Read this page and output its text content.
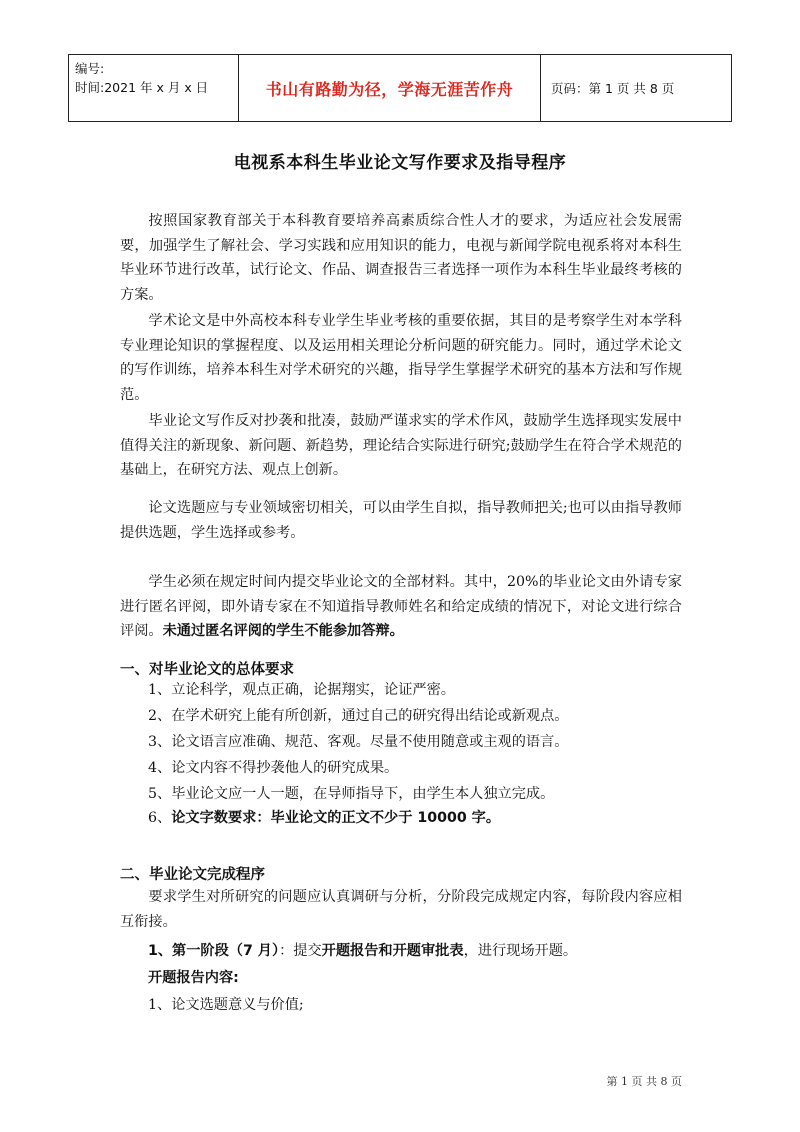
编号:
时间:2021 年 x 月 x 日	书山有路勤为径，学海无涯苦作舟	页码：第 1 页 共 8 页
电视系本科生毕业论文写作要求及指导程序
按照国家教育部关于本科教育要培养高素质综合性人才的要求，为适应社会发展需要，加强学生了解社会、学习实践和应用知识的能力，电视与新闻学院电视系将对本科生毕业环节进行改革，试行论文、作品、调查报告三者选择一项作为本科生毕业最终考核的方案。
学术论文是中外高校本科专业学生毕业考核的重要依据，其目的是考察学生对本学科专业理论知识的掌握程度、以及运用相关理论分析问题的研究能力。同时，通过学术论文的写作训练，培养本科生对学术研究的兴趣，指导学生掌握学术研究的基本方法和写作规范。
毕业论文写作反对抄袭和批凑，鼓励严谨求实的学术作风，鼓励学生选择现实发展中值得关注的新现象、新问题、新趋势，理论结合实际进行研究;鼓励学生在符合学术规范的基础上，在研究方法、观点上创新。
论文选题应与专业领域密切相关，可以由学生自拟，指导教师把关;也可以由指导教师提供选题，学生选择或参考。
学生必须在规定时间内提交毕业论文的全部材料。其中，20%的毕业论文由外请专家进行匿名评阅，即外请专家在不知道指导教师姓名和给定成绩的情况下，对论文进行综合评阅。未通过匿名评阅的学生不能参加答辩。
一、对毕业论文的总体要求
1、立论科学，观点正确，论据翔实，论证严密。
2、在学术研究上能有所创新，通过自己的研究得出结论或新观点。
3、论文语言应准确、规范、客观。尽量不使用随意或主观的语言。
4、论文内容不得抄袭他人的研究成果。
5、毕业论文应一人一题，在导师指导下，由学生本人独立完成。
6、论文字数要求：毕业论文的正文不少于 10000 字。
二、毕业论文完成程序
要求学生对所研究的问题应认真调研与分析，分阶段完成规定内容，每阶段内容应相互衔接。
1、第一阶段（7 月）：提交开题报告和开题审批表，进行现场开题。
开题报告内容:
1、论文选题意义与价值;
第 1 页 共 8 页
